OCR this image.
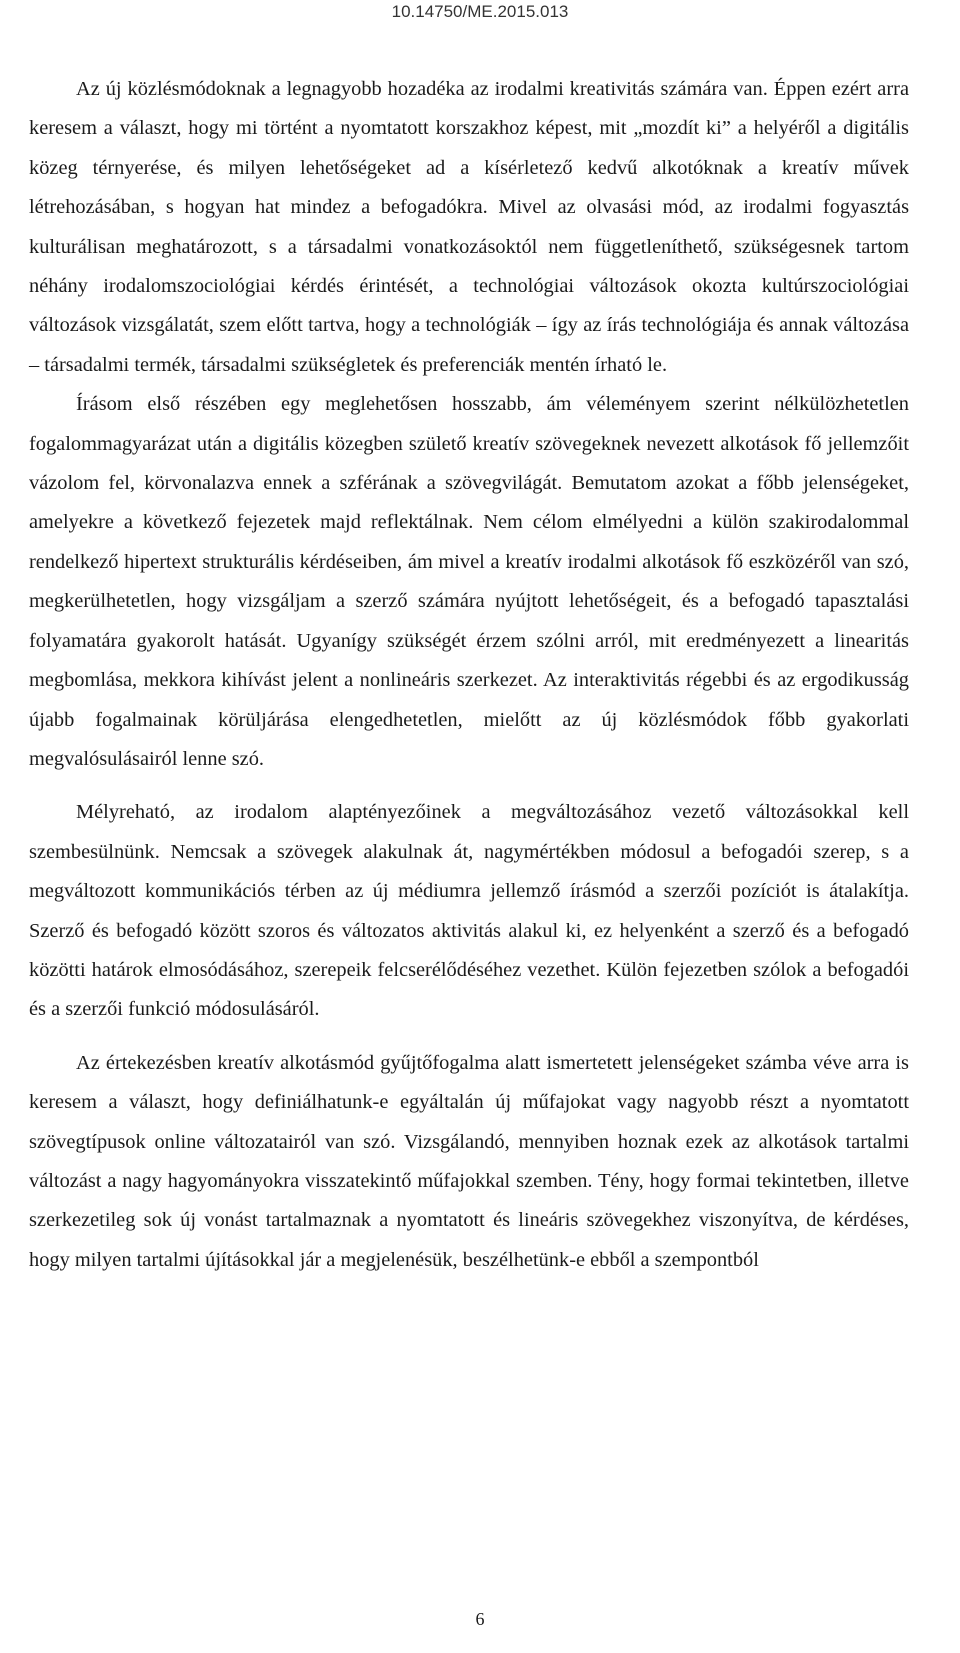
10.14750/ME.2015.013

Az új közlésmódoknak a legnagyobb hozadéka az irodalmi kreativitás számára van. Éppen ezért arra keresem a választ, hogy mi történt a nyomtatott korszakhoz képest, mit „mozdít ki” a helyéről a digitális közeg térnyerése, és milyen lehetőségeket ad a kísérletező kedvű alkotóknak a kreatív művek létrehozásában, s hogyan hat mindez a befogadókra. Mivel az olvasási mód, az irodalmi fogyasztás kulturálisan meghatározott, s a társadalmi vonatkozásoktól nem függetleníthető, szükségesnek tartom néhány irodalomszociológiai kérdés érintését, a technológiai változások okozta kultúrszociológiai változások vizsgálatát, szem előtt tartva, hogy a technológiák – így az írás technológiája és annak változása – társadalmi termék, társadalmi szükségletek és preferenciák mentén írható le.

Írásom első részében egy meglehetősen hosszabb, ám véleményem szerint nélkülözhetetlen fogalommagyarázat után a digitális közegben születő kreatív szövegeknek nevezett alkotások fő jellemzőit vázolom fel, körvonalazva ennek a szférának a szövegvilágát. Bemutatom azokat a főbb jelenségeket, amelyekre a következő fejezetek majd reflektálnak. Nem célom elmélyedni a külön szakirodalommal rendelkező hipertext strukturális kérdéseiben, ám mivel a kreatív irodalmi alkotások fő eszközéről van szó, megkerülhetetlen, hogy vizsgáljam a szerző számára nyújtott lehetőségeit, és a befogadó tapasztalási folyamatára gyakorolt hatását. Ugyanígy szükségét érzem szólni arról, mit eredményezett a linearitás megbomlása, mekkora kihívást jelent a nonlineáris szerkezet. Az interaktivitás régebbi és az ergodikusság újabb fogalmainak körüljárása elengedhetetlen, mielőtt az új közlésmódok főbb gyakorlati megvalósulásairól lenne szó.

Mélyreható, az irodalom alaptényezőinek a megváltozásához vezető változásokkal kell szembesülnünk. Nemcsak a szövegek alakulnak át, nagymértékben módosul a befogadói szerep, s a megváltozott kommunikációs térben az új médiumra jellemző írásmód a szerzői pozíciót is átalakítja. Szerző és befogadó között szoros és változatos aktivitás alakul ki, ez helyenként a szerző és a befogadó közötti határok elmosódásához, szerepeik felcserélődéséhez vezethet. Külön fejezetben szólok a befogadói és a szerzői funkció módosulásáról.

Az értekezésben kreatív alkotásmód gyűjtőfogalma alatt ismertetett jelenségeket számba véve arra is keresem a választ, hogy definiálhatunk-e egyáltalán új műfajokat vagy nagyobb részt a nyomtatott szövegtípusok online változatairól van szó. Vizsgálandó, mennyiben hoznak ezek az alkotások tartalmi változást a nagy hagyományokra visszatekintő műfajokkal szemben. Tény, hogy formai tekintetben, illetve szerkezetileg sok új vonást tartalmaznak a nyomtatott és lineáris szövegekhez viszonyítva, de kérdéses, hogy milyen tartalmi újításokkal jár a megjelenésük, beszélhetünk-e ebből a szempontból

6
